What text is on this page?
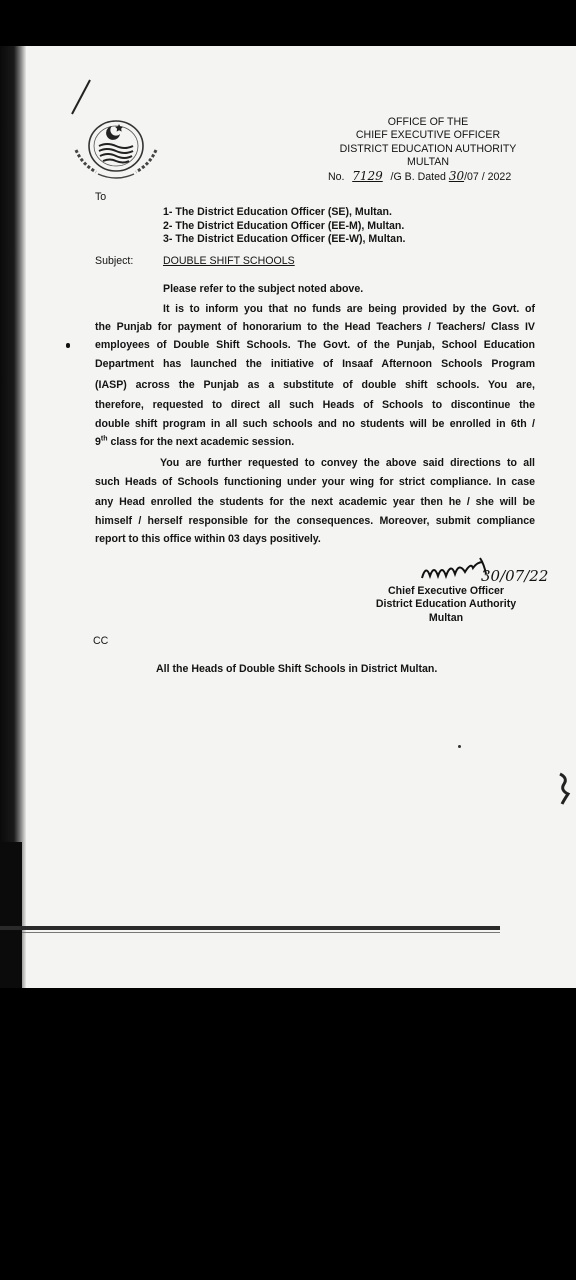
OFFICE OF THE
CHIEF EXECUTIVE OFFICER
DISTRICT EDUCATION AUTHORITY
MULTAN
No. 7129 /G B. Dated 30/07 / 2022
To
1- The District Education Officer (SE), Multan.
2- The District Education Officer (EE-M), Multan.
3- The District Education Officer (EE-W), Multan.
Subject:	DOUBLE SHIFT SCHOOLS
Please refer to the subject noted above.
It is to inform you that no funds are being provided by the Govt. of
the Punjab for payment of honorarium to the Head Teachers / Teachers/ Class IV
employees of Double Shift Schools. The Govt. of the Punjab, School Education
Department has launched the initiative of Insaaf Afternoon Schools Program
(IASP) across the Punjab as a substitute of double shift schools. You are,
therefore, requested to direct all such Heads of Schools to discontinue the
double shift program in all such schools and no students will be enrolled in 6th /
9th class for the next academic session.
You are further requested to convey the above said directions to all
such Heads of Schools functioning under your wing for strict compliance. In case
any Head enrolled the students for the next academic year then he / she will be
himself / herself responsible for the consequences. Moreover, submit compliance
report to this office within 03 days positively.
30/07/22
Chief Executive Officer
District Education Authority
Multan
CC
All the Heads of Double Shift Schools in District Multan.
